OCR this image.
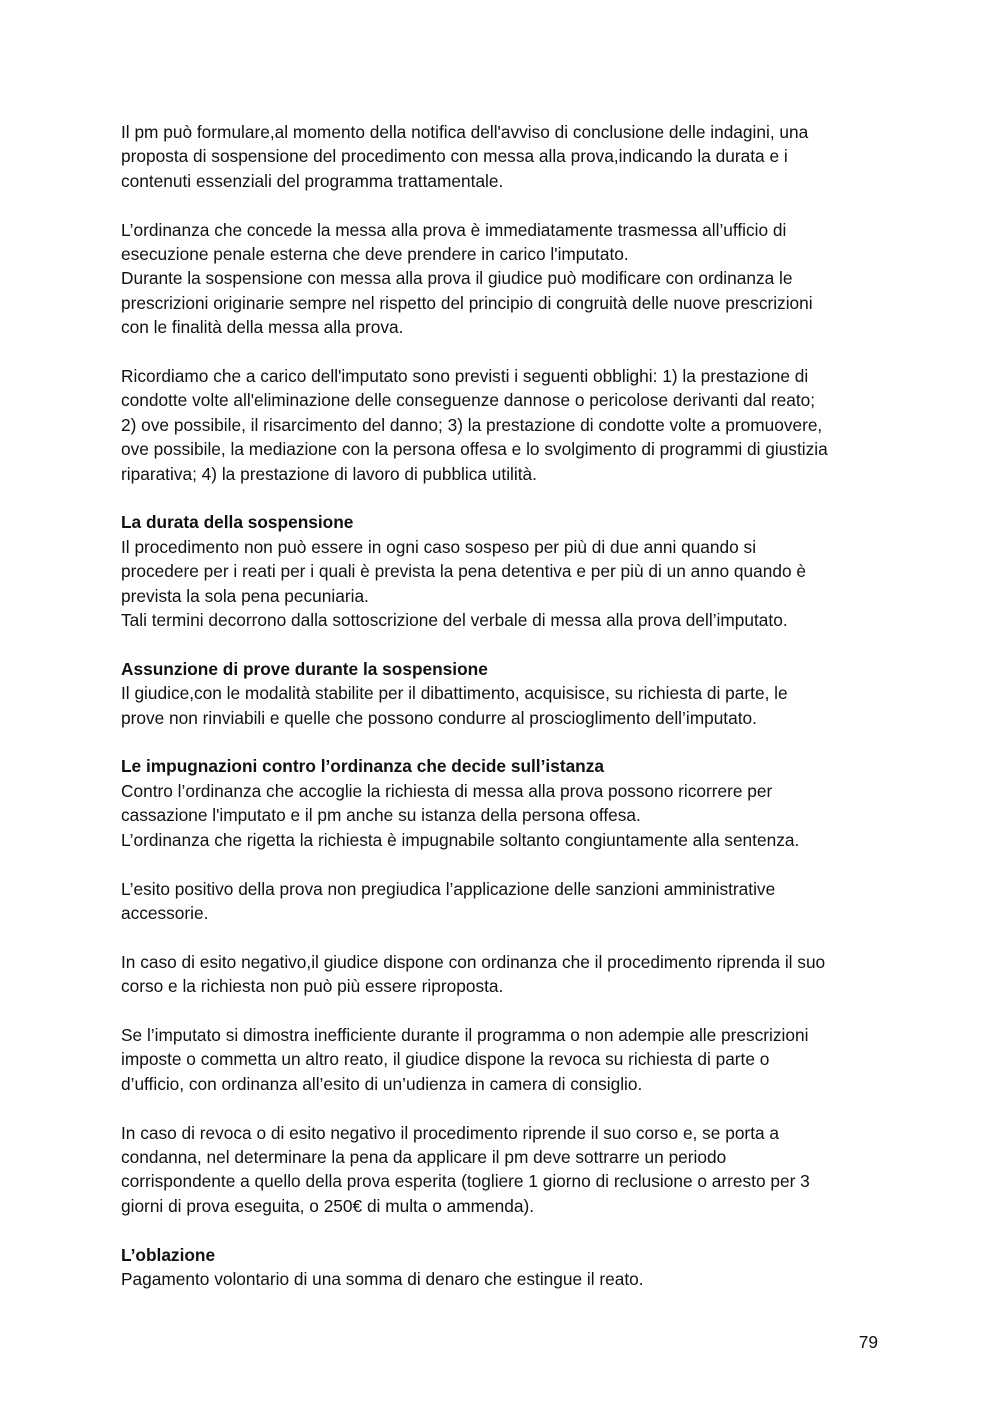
Il pm può formulare,al momento della notifica dell'avviso di conclusione delle indagini, una
proposta di sospensione del procedimento con messa alla prova,indicando la durata e i
contenuti essenziali del programma trattamentale.
L’ordinanza che concede la messa alla prova è immediatamente trasmessa all’ufficio di
esecuzione penale esterna che deve prendere in carico l'imputato.
Durante la sospensione con messa alla prova il giudice può modificare con ordinanza le
prescrizioni originarie sempre nel rispetto del principio di congruità delle nuove prescrizioni
con le finalità della messa alla prova.
Ricordiamo che a carico dell'imputato sono previsti i seguenti obblighi: 1) la prestazione di
condotte volte all'eliminazione delle conseguenze dannose o pericolose derivanti dal reato;
2) ove possibile, il risarcimento del danno; 3) la prestazione di condotte volte a promuovere,
ove possibile, la mediazione con la persona offesa e lo svolgimento di programmi di giustizia
riparativa; 4) la prestazione di lavoro di pubblica utilità.
La durata della sospensione
Il procedimento non può essere in ogni caso sospeso per più di due anni quando si
procedere per i reati per i quali è prevista la pena detentiva e per più di un anno quando è
prevista la sola pena pecuniaria.
Tali termini decorrono dalla sottoscrizione del verbale di messa alla prova dell’imputato.
Assunzione di prove durante la sospensione
Il giudice,con le modalità stabilite per il dibattimento, acquisisce, su richiesta di parte, le
prove non rinviabili e quelle che possono condurre al proscioglimento dell’imputato.
Le impugnazioni contro l’ordinanza che decide sull’istanza
Contro l’ordinanza che accoglie la richiesta di messa alla prova possono ricorrere per
cassazione l'imputato e il pm anche su istanza della persona offesa.
L’ordinanza che rigetta la richiesta è impugnabile soltanto congiuntamente alla sentenza.
L’esito positivo della prova non pregiudica l’applicazione delle sanzioni amministrative
accessorie.
In caso di esito negativo,il giudice dispone con ordinanza che il procedimento riprenda il suo
corso e la richiesta non può più essere riproposta.
Se l’imputato si dimostra inefficiente durante il programma o non adempie alle prescrizioni
imposte o commetta un altro reato, il giudice dispone la revoca su richiesta di parte o
d’ufficio, con ordinanza all’esito di un’udienza in camera di consiglio.
In caso di revoca o di esito negativo il procedimento riprende il suo corso e, se porta a
condanna, nel determinare la pena da applicare il pm deve sottrarre un periodo
corrispondente a quello della prova esperita (togliere 1 giorno di reclusione o arresto per 3
giorni di prova eseguita, o 250€ di multa o ammenda).
L’oblazione
Pagamento volontario di una somma di denaro che estingue il reato.
79
